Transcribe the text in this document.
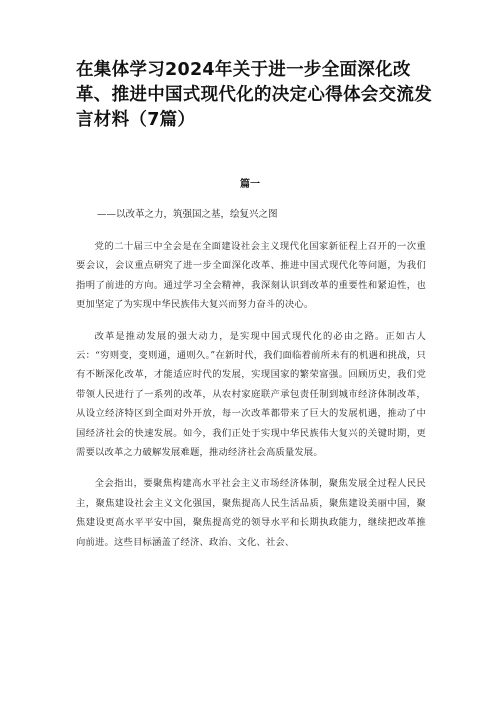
在集体学习2024年关于进一步全面深化改革、推进中国式现代化的决定心得体会交流发言材料（7篇）
篇一

——以改革之力，筑强国之基，绘复兴之图

党的二十届三中全会是在全面建设社会主义现代化国家新征程上召开的一次重要会议，会议重点研究了进一步全面深化改革、推进中国式现代化等问题，为我们指明了前进的方向。通过学习全会精神，我深刻认识到改革的重要性和紧迫性，也更加坚定了为实现中华民族伟大复兴而努力奋斗的决心。

改革是推动发展的强大动力，是实现中国式现代化的必由之路。正如古人云：“穷则变，变则通，通则久。”在新时代，我们面临着前所未有的机遇和挑战，只有不断深化改革，才能适应时代的发展，实现国家的繁荣富强。回顾历史，我们党带领人民进行了一系列的改革，从农村家庭联产承包责任制到城市经济体制改革，从设立经济特区到全面对外开放，每一次改革都带来了巨大的发展机遇，推动了中国经济社会的快速发展。如今，我们正处于实现中华民族伟大复兴的关键时期，更需要以改革之力破解发展难题，推动经济社会高质量发展。

全会指出，要聚焦构建高水平社会主义市场经济体制，聚焦发展全过程人民民主，聚焦建设社会主义文化强国，聚焦提高人民生活品质，聚焦建设美丽中国，聚焦建设更高水平平安中国，聚焦提高党的领导水平和长期执政能力，继续把改革推向前进。这些目标涵盖了经济、政治、文化、社会、
